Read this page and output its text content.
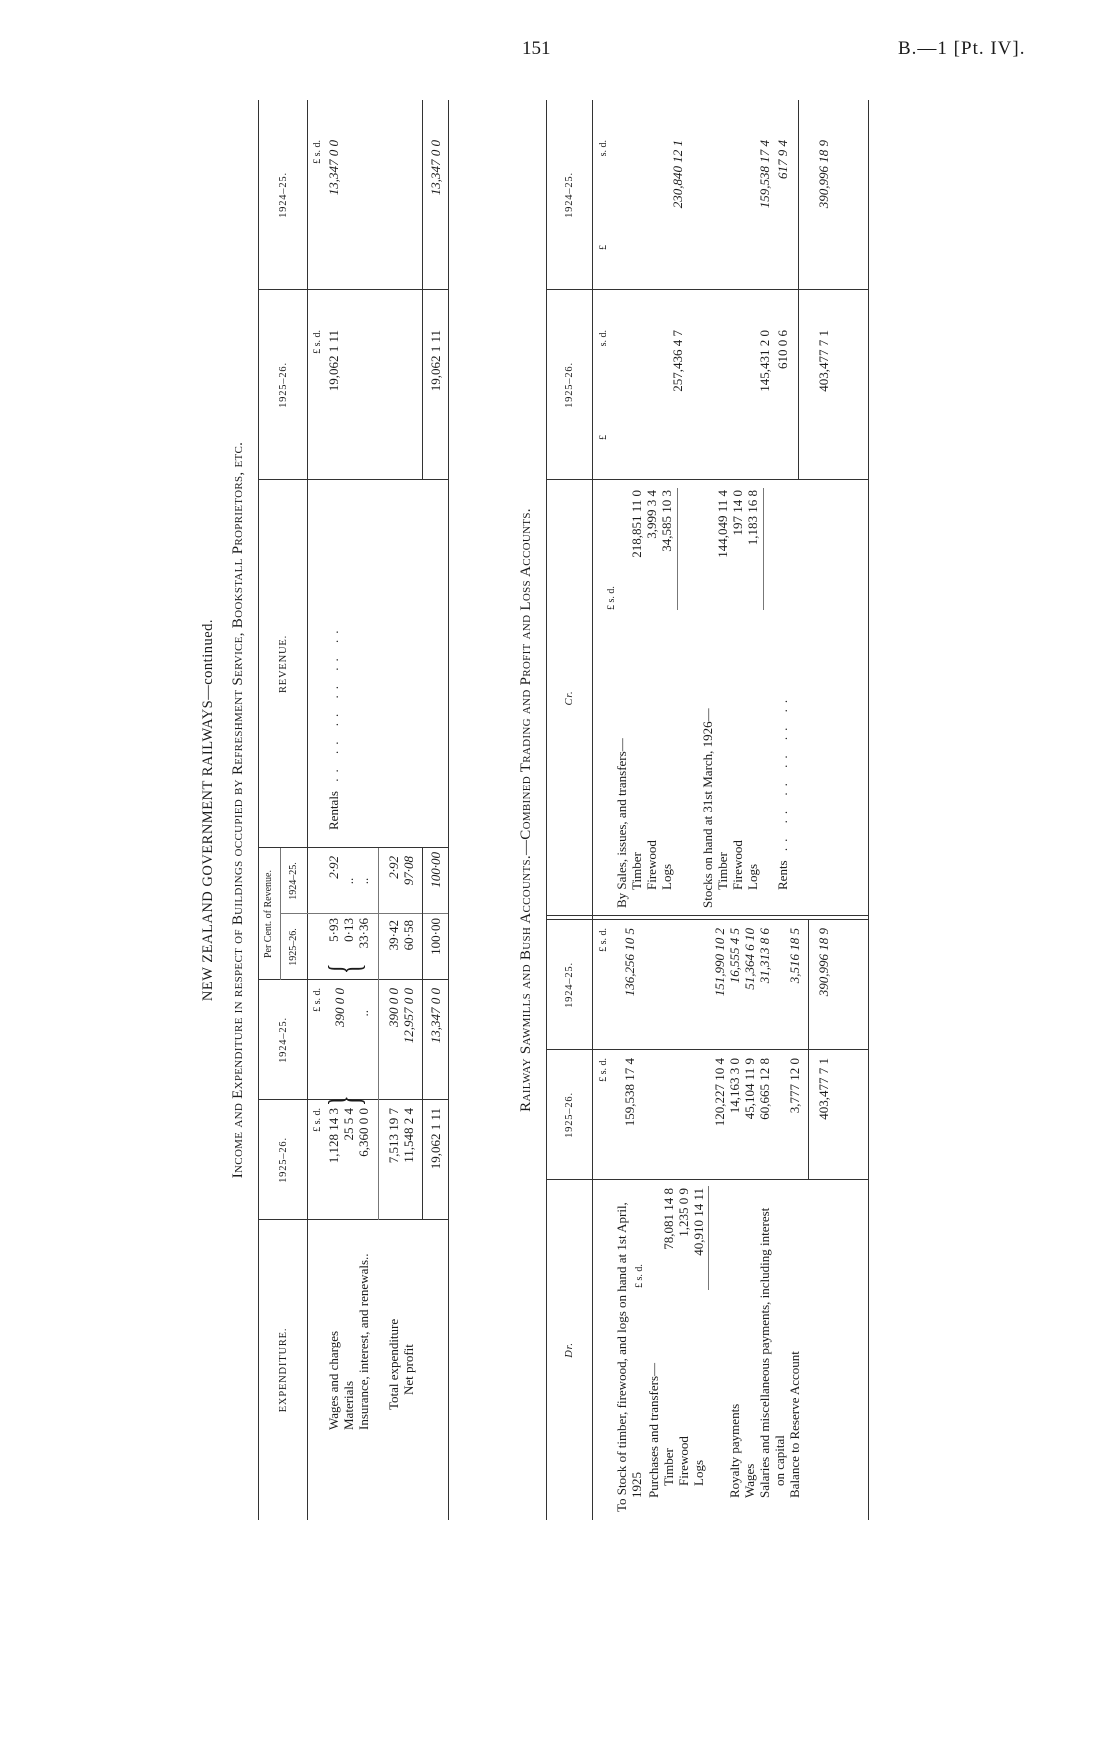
151	B.—1 [Pt. IV].
NEW ZEALAND GOVERNMENT RAILWAYS—continued. Income and Expenditure in respect of Buildings occupied by Refreshment Service, Bookstall Proprietors, etc.
EXPENDITURE.
1925–26.
1924–25.
Per Cent. of Revenue. 1925–26.
1924–25.
REVENUE.
1925–26.
1924–25.
£ s. d.
£ s. d.
£ s. d.
£ s. d.
Wages and charges Materials Insurance, interest, and renewals..
1,128 14 3 25 5 4 6,360 0 0
}
390 0 0 ..
{
5·93 0·13 33·36
2·92
.. ..
Total expenditure Net profit
7,513 19 7 11,548 2 4
390 0 0 12,957 0 0
39·42 60·58
2·92 97·08
19,062 1 11
13,347 0 0
100·00
100·00
Rentals .. .. .. .. .. ..
19,062 1 11
13,347 0 0
19,062 1 11
13,347 0 0
Railway Sawmills and Bush Accounts.—Combined Trading and Profit and Loss Accounts.
Dr.
1925–26.
1924–25.
Cr.
1925–26.
1924–25.
£ s. d.
£ s. d.
£
s. d.
£
s. d.
To Stock of timber, firewood, and logs on hand at 1st April, 1925
159,538 17 4
136,256 10 5
Purchases and transfers—
£ s. d.
Timber Firewood Logs
78,081 14 8 1,235 0 9 40,910 14 11
120,227 10 4
151,990 10 2
Royalty payments Wages Salaries and miscellaneous payments, including interest on capital Balance to Reserve Account
14,163 3 0 45,104 11 9 60,665 12 8 3,777 12 0
16,555 4 5 51,364 6 10 31,313 8 6 3,516 18 5
403,477 7 1
390,996 18 9
By Sales, issues, and transfers—
£ s. d.
Timber Firewood Logs
218,851 11 0 3,999 3 4 34,585 10 3
257,436 4 7
230,840 12 1
Stocks on hand at 31st March, 1926— Timber Firewood Logs
144,049 11 4 197 14 0 1,183 16 8
145,431 2 0
159,538 17 4
Rents .. .. .. .. .. ..
610 0 6
617 9 4
403,477 7 1
390,996 18 9
